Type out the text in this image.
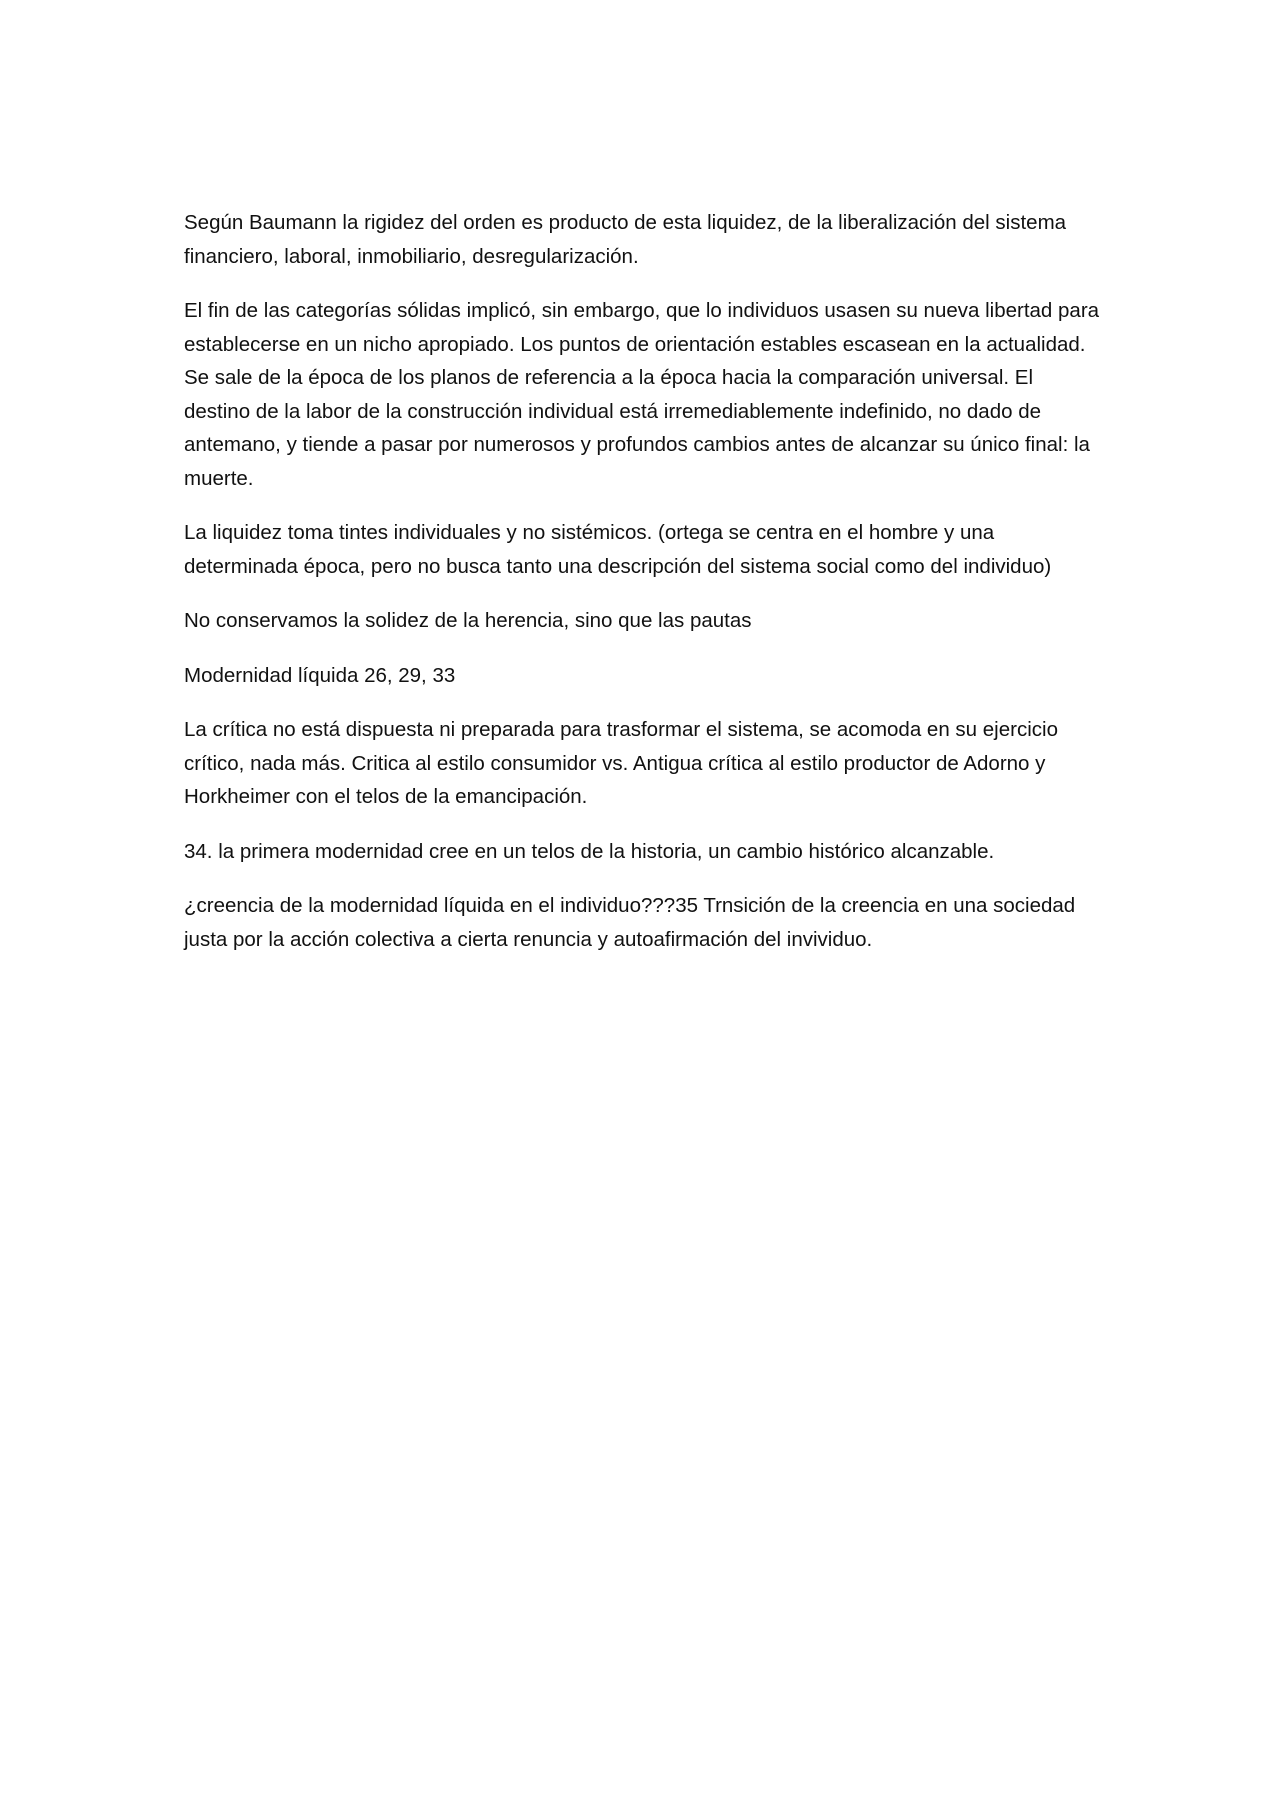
Según Baumann la rigidez del orden es producto de esta liquidez, de la liberalización del sistema financiero, laboral, inmobiliario, desregularización.

El fin de las categorías sólidas implicó, sin embargo, que lo individuos usasen su nueva libertad para establecerse en un nicho apropiado. Los puntos de orientación estables escasean en la actualidad. Se sale de la época de los planos de referencia a la época hacia la comparación universal. El destino de la labor de la construcción individual está irremediablemente indefinido, no dado de antemano, y tiende a pasar por numerosos y profundos cambios antes de alcanzar su único final: la muerte.

La liquidez toma tintes individuales y no sistémicos. (ortega se centra en el hombre y una determinada época, pero no busca tanto una descripción del sistema social como del individuo)

No conservamos la solidez de la herencia, sino que las pautas

Modernidad líquida 26, 29, 33

La crítica no está dispuesta ni preparada para trasformar el sistema, se acomoda en su ejercicio crítico, nada más. Critica al estilo consumidor vs. Antigua crítica al estilo productor de Adorno y Horkheimer con el telos de la emancipación.

34. la primera modernidad cree en un telos de la historia, un cambio histórico alcanzable.

¿creencia de la modernidad líquida en el individuo???35 Trnsición de la creencia en una sociedad justa por la acción colectiva a cierta renuncia y autoafirmación del invividuo.
